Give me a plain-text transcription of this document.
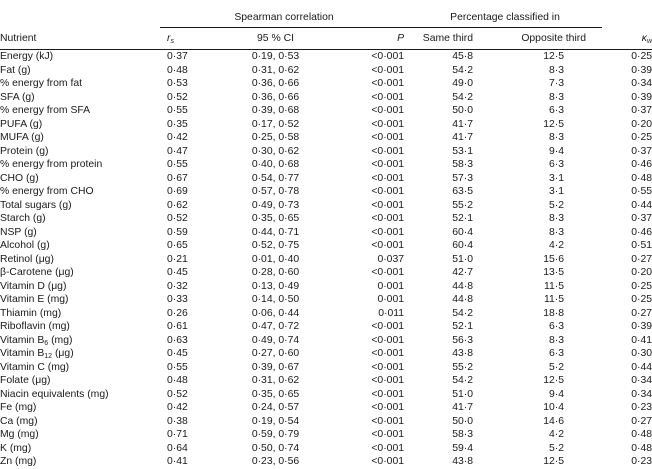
	Spearman correlation			Percentage classified in		
Nutrient	$r_s$	95 % CI	P	Same third	Opposite third	$\kappa_w$
Energy (kJ)	0·37	0·19, 0·53	<0·001	45·8	12·5	0·25
Fat (g)	0·48	0·31, 0·62	<0·001	54·2	8·3	0·39
% energy from fat	0·53	0·36, 0·66	<0·001	49·0	7·3	0·34
SFA (g)	0·52	0·36, 0·66	<0·001	54·2	8·3	0·39
% energy from SFA	0·55	0·39, 0·68	<0·001	50·0	6·3	0·37
PUFA (g)	0·35	0·17, 0·52	<0·001	41·7	12·5	0·20
MUFA (g)	0·42	0·25, 0·58	<0·001	41·7	8·3	0·25
Protein (g)	0·47	0·30, 0·62	<0·001	53·1	9·4	0·37
% energy from protein	0·55	0·40, 0·68	<0·001	58·3	6·3	0·46
CHO (g)	0·67	0·54, 0·77	<0·001	57·3	3·1	0·48
% energy from CHO	0·69	0·57, 0·78	<0·001	63·5	3·1	0·55
Total sugars (g)	0·62	0·49, 0·73	<0·001	55·2	5·2	0·44
Starch (g)	0·52	0·35, 0·65	<0·001	52·1	8·3	0·37
NSP (g)	0·59	0·44, 0·71	<0·001	60·4	8·3	0·46
Alcohol (g)	0·65	0·52, 0·75	<0·001	60·4	4·2	0·51
Retinol (μg)	0·21	0·01, 0·40	0·037	51·0	15·6	0·27
β-Carotene (μg)	0·45	0·28, 0·60	<0·001	42·7	13·5	0·20
Vitamin D (μg)	0·32	0·13, 0·49	0·001	44·8	11·5	0·25
Vitamin E (mg)	0·33	0·14, 0·50	0·001	44·8	11·5	0·25
Thiamin (mg)	0·26	0·06, 0·44	0·011	54·2	18·8	0·27
Riboflavin (mg)	0·61	0·47, 0·72	<0·001	52·1	6·3	0·39
Vitamin $B_6$ (mg)	0·63	0·49, 0·74	<0·001	56·3	8·3	0·41
Vitamin $B_{12}$ (μg)	0·45	0·27, 0·60	<0·001	43·8	6·3	0·30
Vitamin C (mg)	0·55	0·39, 0·67	<0·001	55·2	5·2	0·44
Folate (μg)	0·48	0·31, 0·62	<0·001	54·2	12·5	0·34
Niacin equivalents (mg)	0·52	0·35, 0·65	<0·001	51·0	9·4	0·34
Fe (mg)	0·42	0·24, 0·57	<0·001	41·7	10·4	0·23
Ca (mg)	0·38	0·19, 0·54	<0·001	50·0	14·6	0·27
Mg (mg)	0·71	0·59, 0·79	<0·001	58·3	4·2	0·48
K (mg)	0·64	0·50, 0·74	<0·001	59·4	5·2	0·48
Zn (mg)	0·41	0·23, 0·56	<0·001	43·8	12·5	0·23
